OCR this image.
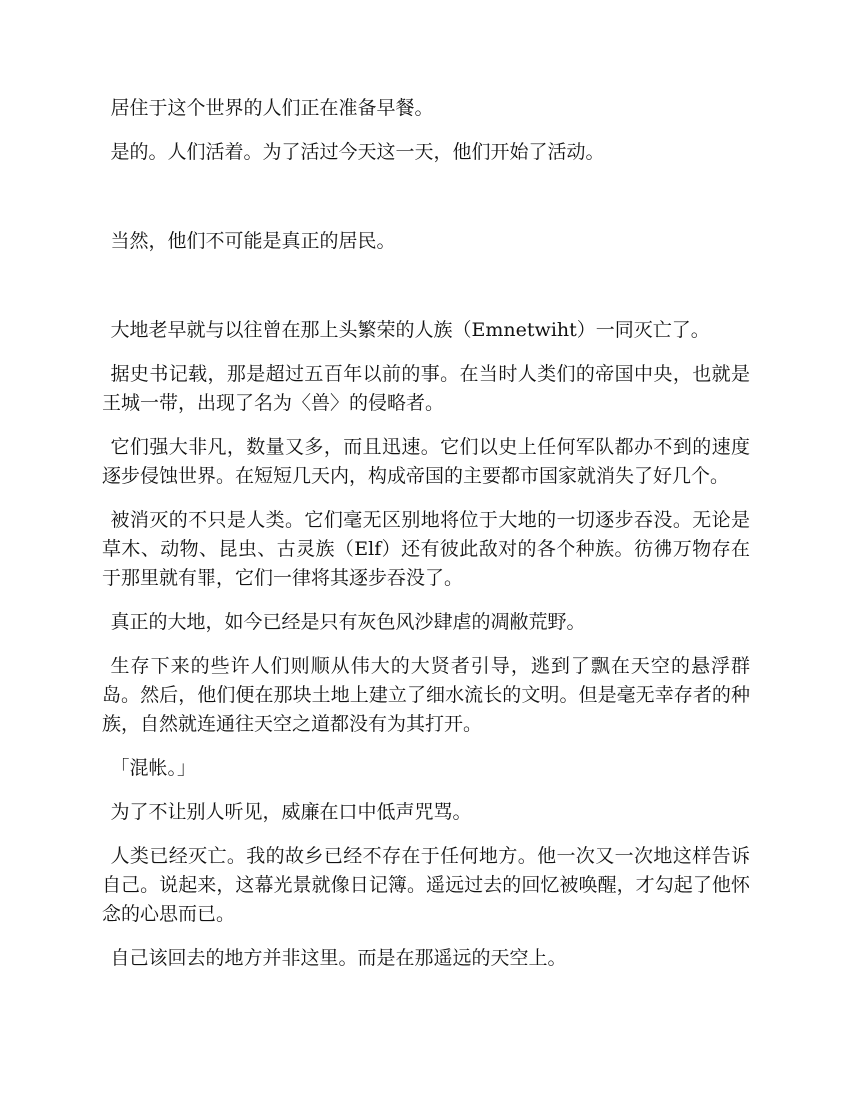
居住于这个世界的人们正在准备早餐。

是的。人们活着。为了活过今天这一天，他们开始了活动。

当然，他们不可能是真正的居民。

大地老早就与以往曾在那上头繁荣的人族（Emnetwiht）一同灭亡了。

据史书记载，那是超过五百年以前的事。在当时人类们的帝国中央，也就是王城一带，出现了名为〈兽〉的侵略者。

它们强大非凡，数量又多，而且迅速。它们以史上任何军队都办不到的速度逐步侵蚀世界。在短短几天内，构成帝国的主要都市国家就消失了好几个。

被消灭的不只是人类。它们毫无区别地将位于大地的一切逐步吞没。无论是草木、动物、昆虫、古灵族（Elf）还有彼此敌对的各个种族。彷彿万物存在于那里就有罪，它们一律将其逐步吞没了。

真正的大地，如今已经是只有灰色风沙肆虐的凋敝荒野。

生存下来的些许人们则顺从伟大的大贤者引导，逃到了飘在天空的悬浮群岛。然后，他们便在那块土地上建立了细水流长的文明。但是毫无幸存者的种族，自然就连通往天空之道都没有为其打开。

「混帐。」

为了不让别人听见，威廉在口中低声咒骂。

人类已经灭亡。我的故乡已经不存在于任何地方。他一次又一次地这样告诉自己。说起来，这幕光景就像日记簿。遥远过去的回忆被唤醒，才勾起了他怀念的心思而已。

自己该回去的地方并非这里。而是在那遥远的天空上。
